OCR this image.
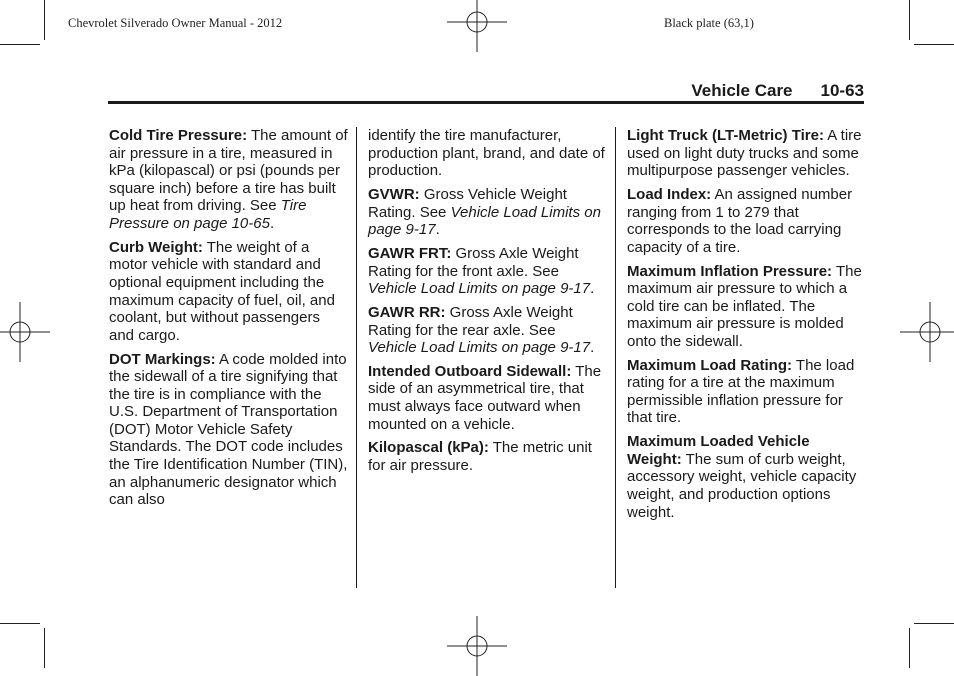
Chevrolet Silverado Owner Manual - 2012	Black plate (63,1)
Vehicle Care 10-63

Cold Tire Pressure: The amount of air pressure in a tire, measured in kPa (kilopascal) or psi (pounds per square inch) before a tire has built up heat from driving. See Tire Pressure on page 10-65.

Curb Weight: The weight of a motor vehicle with standard and optional equipment including the maximum capacity of fuel, oil, and coolant, but without passengers and cargo.

DOT Markings: A code molded into the sidewall of a tire signifying that the tire is in compliance with the U.S. Department of Transportation (DOT) Motor Vehicle Safety Standards. The DOT code includes the Tire Identification Number (TIN), an alphanumeric designator which can also

identify the tire manufacturer, production plant, brand, and date of production.

GVWR: Gross Vehicle Weight Rating. See Vehicle Load Limits on page 9-17.

GAWR FRT: Gross Axle Weight Rating for the front axle. See Vehicle Load Limits on page 9-17.

GAWR RR: Gross Axle Weight Rating for the rear axle. See Vehicle Load Limits on page 9-17.

Intended Outboard Sidewall: The side of an asymmetrical tire, that must always face outward when mounted on a vehicle.

Kilopascal (kPa): The metric unit for air pressure.

Light Truck (LT-Metric) Tire: A tire used on light duty trucks and some multipurpose passenger vehicles.

Load Index: An assigned number ranging from 1 to 279 that corresponds to the load carrying capacity of a tire.

Maximum Inflation Pressure: The maximum air pressure to which a cold tire can be inflated. The maximum air pressure is molded onto the sidewall.

Maximum Load Rating: The load rating for a tire at the maximum permissible inflation pressure for that tire.

Maximum Loaded Vehicle Weight: The sum of curb weight, accessory weight, vehicle capacity weight, and production options weight.
